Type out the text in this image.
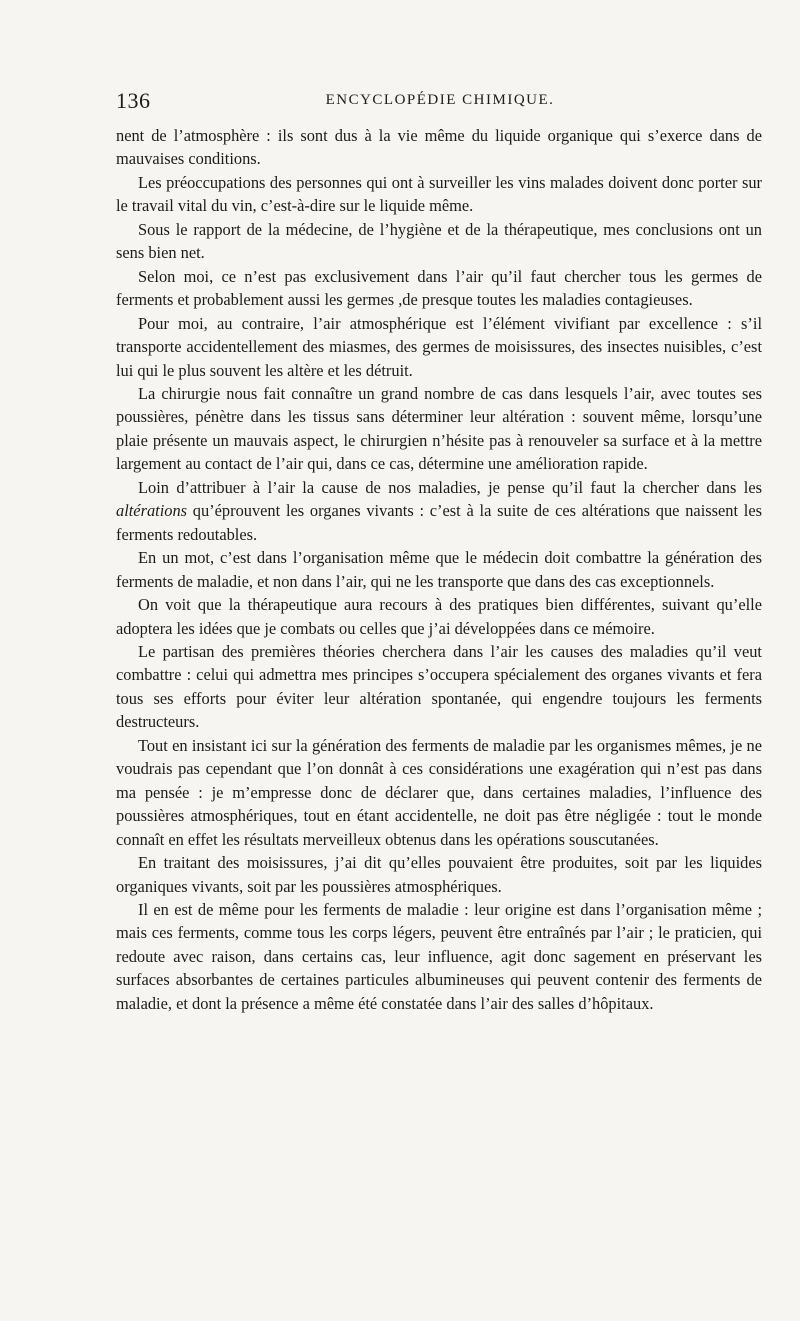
136	ENCYCLOPÉDIE CHIMIQUE.

nent de l’atmosphère : ils sont dus à la vie même du liquide organique qui s’exerce dans de mauvaises conditions.

Les préoccupations des personnes qui ont à surveiller les vins malades doivent donc porter sur le travail vital du vin, c’est-à-dire sur le liquide même.

Sous le rapport de la médecine, de l’hygiène et de la thérapeutique, mes conclusions ont un sens bien net.

Selon moi, ce n’est pas exclusivement dans l’air qu’il faut chercher tous les germes de ferments et probablement aussi les germes ,de presque toutes les maladies contagieuses.

Pour moi, au contraire, l’air atmosphérique est l’élément vivifiant par excellence : s’il transporte accidentellement des miasmes, des germes de moisissures, des insectes nuisibles, c’est lui qui le plus souvent les altère et les détruit.

La chirurgie nous fait connaître un grand nombre de cas dans lesquels l’air, avec toutes ses poussières, pénètre dans les tissus sans déterminer leur altération : souvent même, lorsqu’une plaie présente un mauvais aspect, le chirurgien n’hésite pas à renouveler sa surface et à la mettre largement au contact de l’air qui, dans ce cas, détermine une amélioration rapide.

Loin d’attribuer à l’air la cause de nos maladies, je pense qu’il faut la chercher dans les altérations qu’éprouvent les organes vivants : c’est à la suite de ces altérations que naissent les ferments redoutables.

En un mot, c’est dans l’organisation même que le médecin doit combattre la génération des ferments de maladie, et non dans l’air, qui ne les transporte que dans des cas exceptionnels.

On voit que la thérapeutique aura recours à des pratiques bien différentes, suivant qu’elle adoptera les idées que je combats ou celles que j’ai développées dans ce mémoire.

Le partisan des premières théories cherchera dans l’air les causes des maladies qu’il veut combattre : celui qui admettra mes principes s’occupera spécialement des organes vivants et fera tous ses efforts pour éviter leur altération spontanée, qui engendre toujours les ferments destructeurs.

Tout en insistant ici sur la génération des ferments de maladie par les organismes mêmes, je ne voudrais pas cependant que l’on donnât à ces considérations une exagération qui n’est pas dans ma pensée : je m’empresse donc de déclarer que, dans certaines maladies, l’influence des poussières atmosphériques, tout en étant accidentelle, ne doit pas être négligée : tout le monde connaît en effet les résultats merveilleux obtenus dans les opérations souscutanées.

En traitant des moisissures, j’ai dit qu’elles pouvaient être produites, soit par les liquides organiques vivants, soit par les poussières atmosphériques.

Il en est de même pour les ferments de maladie : leur origine est dans l’organisation même ; mais ces ferments, comme tous les corps légers, peuvent être entraînés par l’air ; le praticien, qui redoute avec raison, dans certains cas, leur influence, agit donc sagement en préservant les surfaces absorbantes de certaines particules albumineuses qui peuvent contenir des ferments de maladie, et dont la présence a même été constatée dans l’air des salles d’hôpitaux.
